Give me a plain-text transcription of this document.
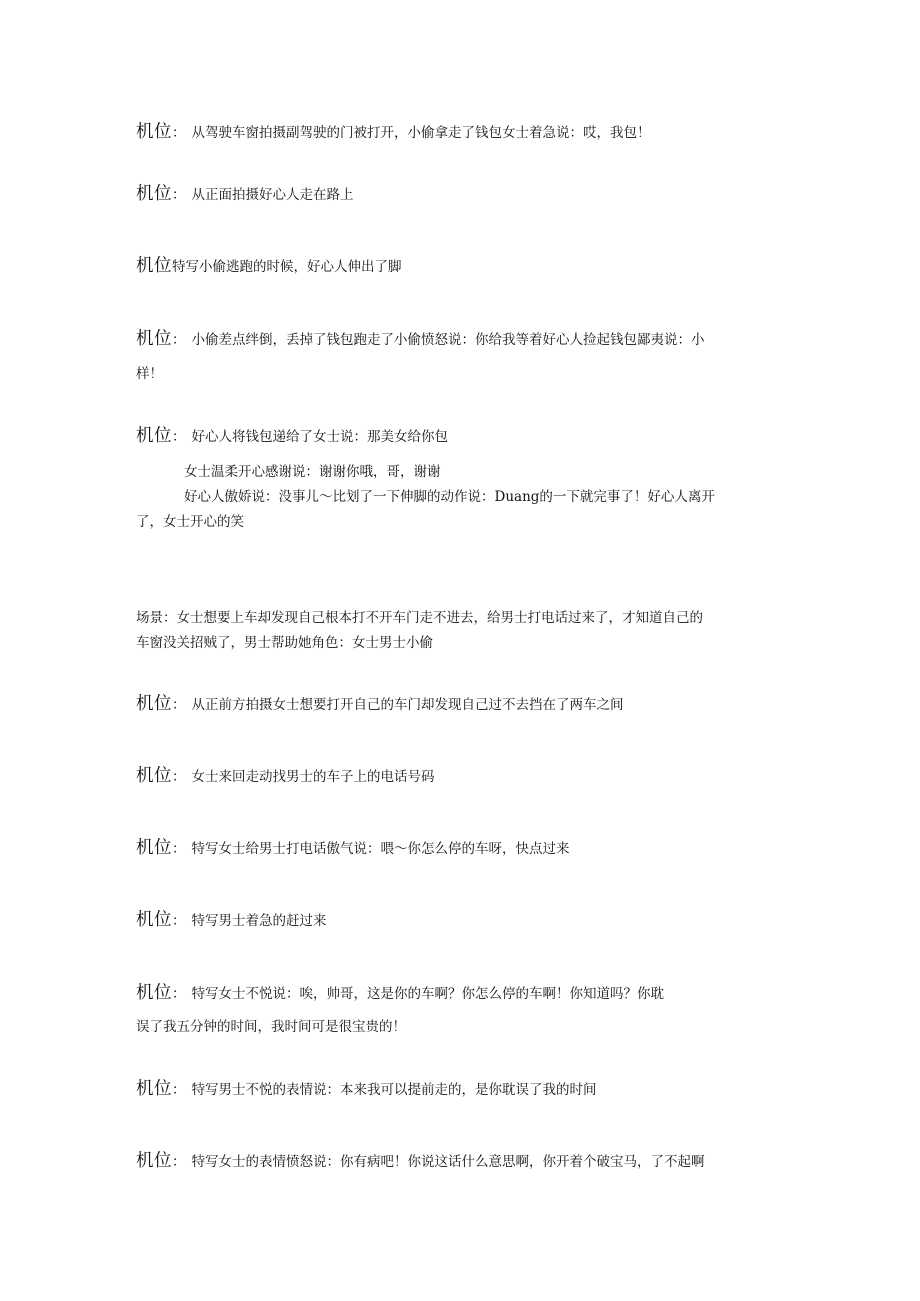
机位： 从驾驶车窗拍摄副驾驶的门被打开，小偷拿走了钱包女士着急说：哎，我包！
机位： 从正面拍摄好心人走在路上
机位特写小偷逃跑的时候，好心人伸出了脚
机位： 小偷差点绊倒，丢掉了钱包跑走了小偷愤怒说：你给我等着好心人捡起钱包鄙夷说：小
样！
机位： 好心人将钱包递给了女士说：那美女给你包
女士温柔开心感谢说：谢谢你哦，哥，谢谢
好心人傲娇说：没事儿～比划了一下伸脚的动作说：Duang的一下就完事了！好心人离开
了，女士开心的笑
场景：女士想要上车却发现自己根本打不开车门走不进去，给男士打电话过来了，才知道自己的
车窗没关招贼了，男士帮助她角色：女士男士小偷
机位： 从正前方拍摄女士想要打开自己的车门却发现自己过不去挡在了两车之间
机位： 女士来回走动找男士的车子上的电话号码
机位： 特写女士给男士打电话傲气说：喂～你怎么停的车呀，快点过来
机位： 特写男士着急的赶过来
机位： 特写女士不悦说：唉，帅哥，这是你的车啊？你怎么停的车啊！你知道吗？你耽
误了我五分钟的时间，我时间可是很宝贵的！
机位： 特写男士不悦的表情说：本来我可以提前走的，是你耽误了我的时间
机位： 特写女士的表情愤怒说：你有病吧！你说这话什么意思啊，你开着个破宝马，了不起啊
